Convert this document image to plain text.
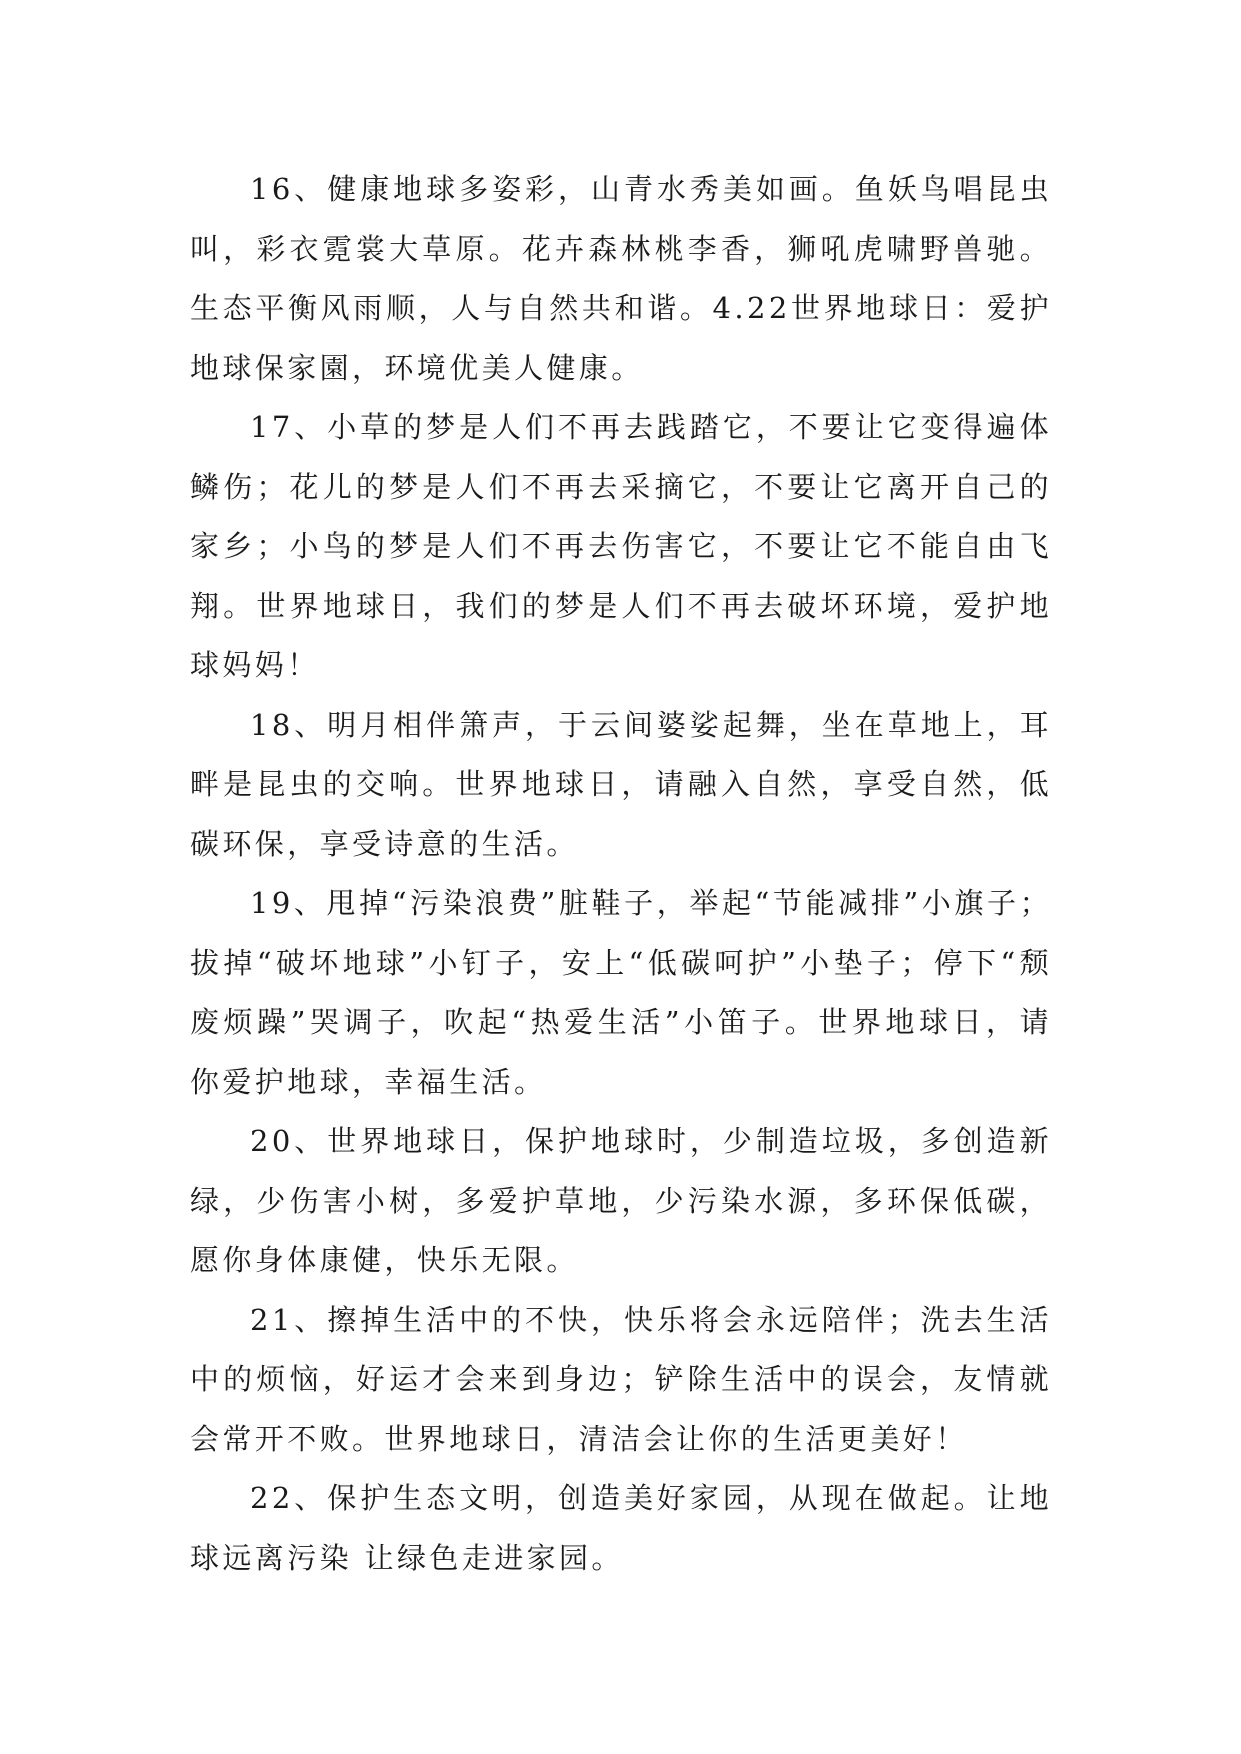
16、健康地球多姿彩，山青水秀美如画。鱼妖鸟唱昆虫叫，彩衣霓裳大草原。花卉森林桃李香，狮吼虎啸野兽驰。生态平衡风雨顺，人与自然共和谐。4.22世界地球日：爱护地球保家園，环境优美人健康。

17、小草的梦是人们不再去践踏它，不要让它变得遍体鳞伤；花儿的梦是人们不再去采摘它，不要让它离开自己的家乡；小鸟的梦是人们不再去伤害它，不要让它不能自由飞翔。世界地球日，我们的梦是人们不再去破坏环境，爱护地球妈妈！

18、明月相伴箫声，于云间婆娑起舞，坐在草地上，耳畔是昆虫的交响。世界地球日，请融入自然，享受自然，低碳环保，享受诗意的生活。

19、甩掉“污染浪费”脏鞋子，举起“节能减排”小旗子；拔掉“破坏地球”小钉子，安上“低碳呵护”小垫子；停下“颓废烦躁”哭调子，吹起“热爱生活”小笛子。世界地球日，请你爱护地球，幸福生活。

20、世界地球日，保护地球时，少制造垃圾，多创造新绿，少伤害小树，多爱护草地，少污染水源，多环保低碳，愿你身体康健，快乐无限。

21、擦掉生活中的不快，快乐将会永远陪伴；洗去生活中的烦恼，好运才会来到身边；铲除生活中的误会，友情就会常开不败。世界地球日，清洁会让你的生活更美好！

22、保护生态文明，创造美好家园，从现在做起。让地球远离污染 让绿色走进家园。
